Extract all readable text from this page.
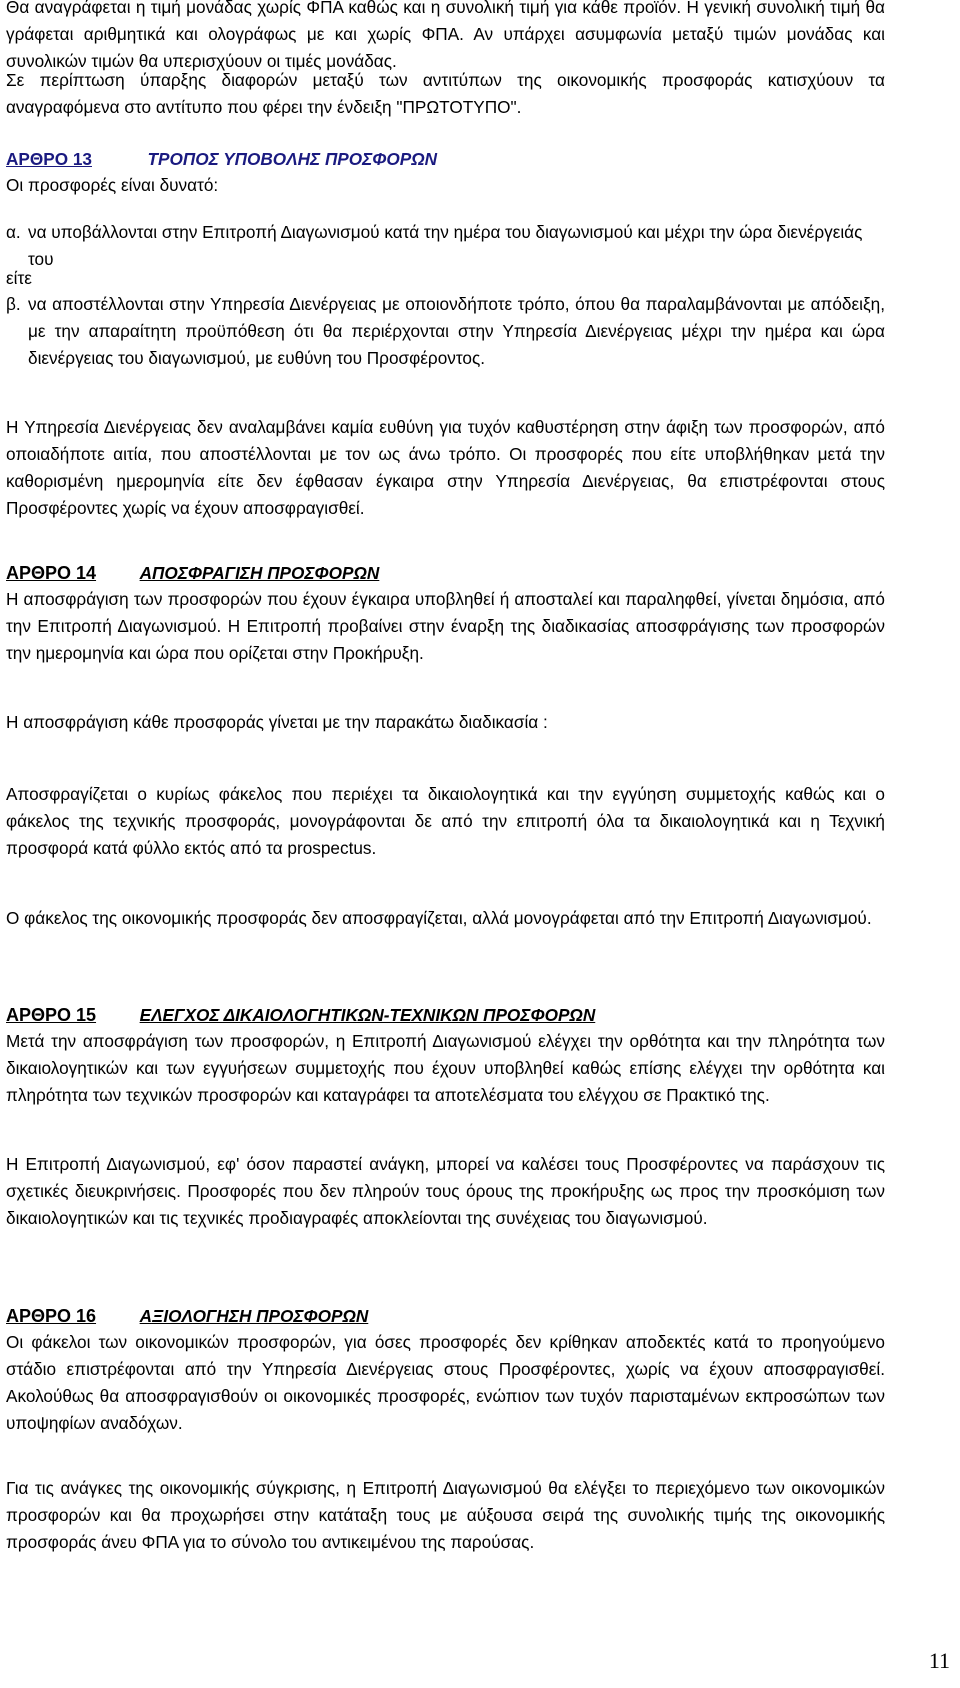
Θα αναγράφεται η τιμή μονάδας χωρίς ΦΠΑ καθώς και η συνολική τιμή για κάθε προϊόν. Η γενική συνολική τιμή θα γράφεται αριθμητικά και ολογράφως με και χωρίς ΦΠΑ. Αν υπάρχει ασυμφωνία μεταξύ τιμών μονάδας και συνολικών τιμών θα υπερισχύουν οι τιμές μονάδας.

Σε περίπτωση ύπαρξης διαφορών μεταξύ των αντιτύπων της οικονομικής προσφοράς κατισχύουν τα αναγραφόμενα στο αντίτυπο που φέρει την ένδειξη "ΠΡΩΤΟΤΥΠΟ".

ΑΡΘΡΟ 13	ΤΡΟΠΟΣ ΥΠΟΒΟΛΗΣ ΠΡΟΣΦΟΡΩΝ

Οι προσφορές είναι δυνατό:

α. να υποβάλλονται στην Επιτροπή Διαγωνισμού κατά την ημέρα του διαγωνισμού και μέχρι την ώρα διενέργειάς του

είτε

β. να αποστέλλονται στην Υπηρεσία Διενέργειας με οποιονδήποτε τρόπο, όπου θα παραλαμβάνονται με απόδειξη, με την απαραίτητη προϋπόθεση ότι θα περιέρχονται στην Υπηρεσία Διενέργειας μέχρι την ημέρα και ώρα διενέργειας του διαγωνισμού, με ευθύνη του Προσφέροντος.

Η Υπηρεσία Διενέργειας δεν αναλαμβάνει καμία ευθύνη για τυχόν καθυστέρηση στην άφιξη των προσφορών, από οποιαδήποτε αιτία, που αποστέλλονται με τον ως άνω τρόπο. Οι προσφορές που είτε υποβλήθηκαν μετά την καθορισμένη ημερομηνία είτε δεν έφθασαν έγκαιρα στην Υπηρεσία Διενέργειας, θα επιστρέφονται στους Προσφέροντες χωρίς να έχουν αποσφραγισθεί.

ΑΡΘΡΟ 14	ΑΠΟΣΦΡΑΓΙΣΗ ΠΡΟΣΦΟΡΩΝ

Η αποσφράγιση των προσφορών που έχουν έγκαιρα υποβληθεί ή αποσταλεί και παραληφθεί, γίνεται δημόσια, από την Επιτροπή Διαγωνισμού. Η Επιτροπή προβαίνει στην έναρξη της διαδικασίας αποσφράγισης των προσφορών την ημερομηνία και ώρα που ορίζεται στην Προκήρυξη.

Η αποσφράγιση κάθε προσφοράς γίνεται με την παρακάτω διαδικασία :

Αποσφραγίζεται ο κυρίως φάκελος που περιέχει τα δικαιολογητικά και την εγγύηση συμμετοχής καθώς και ο φάκελος της τεχνικής προσφοράς, μονογράφονται δε από την επιτροπή όλα τα δικαιολογητικά και η Τεχνική προσφορά κατά φύλλο εκτός από τα prospectus.

Ο φάκελος της οικονομικής προσφοράς δεν αποσφραγίζεται, αλλά μονογράφεται από την Επιτροπή Διαγωνισμού.

ΑΡΘΡΟ 15	ΕΛΕΓΧΟΣ ΔΙΚΑΙΟΛΟΓΗΤΙΚΩΝ-ΤΕΧΝΙΚΩΝ ΠΡΟΣΦΟΡΩΝ

Μετά την αποσφράγιση των προσφορών, η Επιτροπή Διαγωνισμού ελέγχει την ορθότητα και την πληρότητα των δικαιολογητικών και των εγγυήσεων συμμετοχής που έχουν υποβληθεί καθώς επίσης ελέγχει την ορθότητα και πληρότητα των τεχνικών προσφορών και καταγράφει τα αποτελέσματα του ελέγχου σε Πρακτικό της.

Η Επιτροπή Διαγωνισμού, εφ' όσον παραστεί ανάγκη, μπορεί να καλέσει τους Προσφέροντες να παράσχουν τις σχετικές διευκρινήσεις. Προσφορές που δεν πληρούν τους όρους της προκήρυξης ως προς την προσκόμιση των δικαιολογητικών και τις τεχνικές προδιαγραφές αποκλείονται της συνέχειας του διαγωνισμού.

ΑΡΘΡΟ 16	ΑΞΙΟΛΟΓΗΣΗ ΠΡΟΣΦΟΡΩΝ

Οι φάκελοι των οικονομικών προσφορών, για όσες προσφορές δεν κρίθηκαν αποδεκτές κατά το προηγούμενο στάδιο επιστρέφονται από την Υπηρεσία Διενέργειας στους Προσφέροντες, χωρίς να έχουν αποσφραγισθεί. Ακολούθως θα αποσφραγισθούν οι οικονομικές προσφορές, ενώπιον των τυχόν παρισταμένων εκπροσώπων των υποψηφίων αναδόχων.

Για τις ανάγκες της οικονομικής σύγκρισης, η Επιτροπή Διαγωνισμού θα ελέγξει το περιεχόμενο των οικονομικών προσφορών και θα προχωρήσει στην κατάταξη τους με αύξουσα σειρά της συνολικής τιμής της οικονομικής προσφοράς άνευ ΦΠΑ για το σύνολο του αντικειμένου της παρούσας.

11
